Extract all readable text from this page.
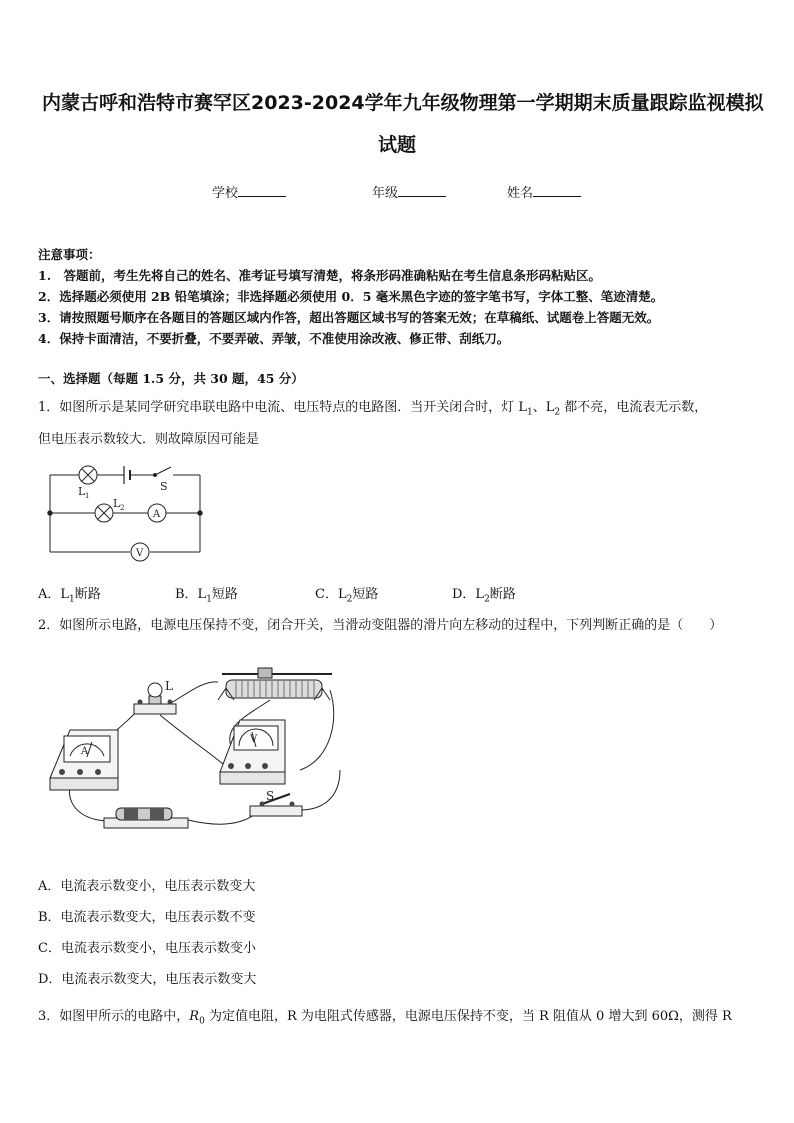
内蒙古呼和浩特市赛罕区2023-2024学年九年级物理第一学期期末质量跟踪监视模拟
试题
学校	年级	姓名
注意事项：
1.　答题前，考生先将自己的姓名、准考证号填写清楚，将条形码准确粘贴在考生信息条形码粘贴区。
2．选择题必须使用 2B 铅笔填涂；非选择题必须使用 0．5 毫米黑色字迹的签字笔书写，字体工整、笔迹清楚。
3．请按照题号顺序在各题目的答题区域内作答，超出答题区域书写的答案无效；在草稿纸、试题卷上答题无效。
4．保持卡面清洁，不要折叠，不要弄破、弄皱，不准使用涂改液、修正带、刮纸刀。
一、选择题（每题 1.5 分，共 30 题，45 分）
1．如图所示是某同学研究串联电路中电流、电压特点的电路图．当开关闭合时，灯 $L_1$、$L_2$ 都不亮，电流表无示数，
但电压表示数较大．则故障原因可能是
A
V
L 1
L 2
S
A．$L_1$断路	B．$L_1$短路	C．$L_2$短路	D．$L_2$断路
2．如图所示电路，电源电压保持不变，闭合开关，当滑动变阻器的滑片向左移动的过程中，下列判断正确的是（　　）
L
S
A
V
A．电流表示数变小，电压表示数变大
B．电流表示数变大，电压表示数不变
C．电流表示数变小，电压表示数变小
D．电流表示数变大，电压表示数变大
3．如图甲所示的电路中，$R_0$ 为定值电阻，R 为电阻式传感器，电源电压保持不变，当 R 阻值从 0 增大到 60Ω，测得 R
